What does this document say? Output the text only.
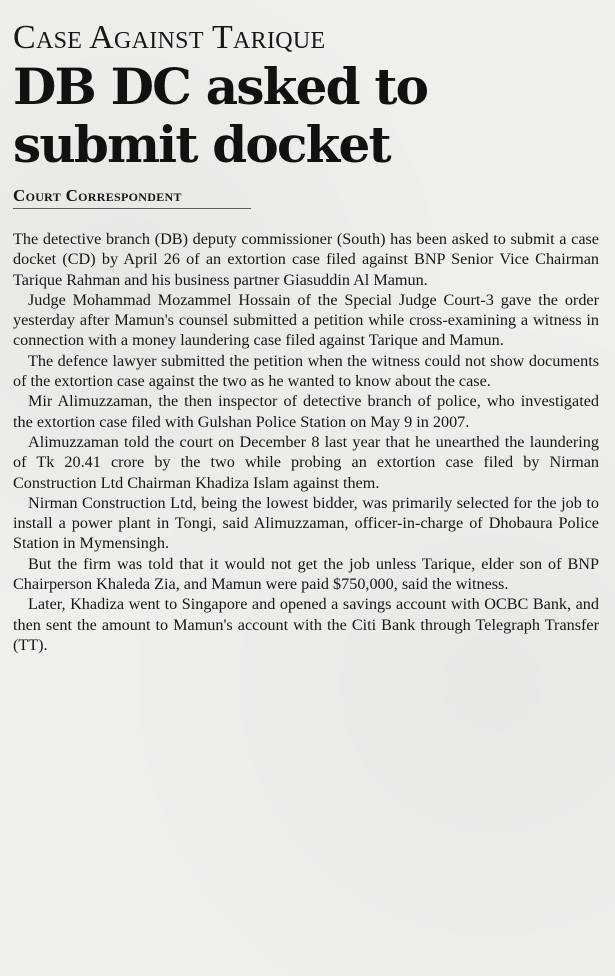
Case Against Tarique
DB DC asked to
submit docket
Court Correspondent

The detective branch (DB) deputy commissioner (South) has been asked to submit a case docket (CD) by April 26 of an extortion case filed against BNP Senior Vice Chairman Tarique Rahman and his business partner Giasuddin Al Mamun.

Judge Mohammad Mozammel Hossain of the Special Judge Court-3 gave the order yesterday after Mamun's counsel submitted a petition while cross-examining a witness in connection with a money laundering case filed against Tarique and Mamun.

The defence lawyer submitted the petition when the witness could not show documents of the extortion case against the two as he wanted to know about the case.

Mir Alimuzzaman, the then inspector of detective branch of police, who investigated the extortion case filed with Gulshan Police Station on May 9 in 2007.

Alimuzzaman told the court on December 8 last year that he unearthed the laundering of Tk 20.41 crore by the two while probing an extortion case filed by Nirman Construction Ltd Chairman Khadiza Islam against them.

Nirman Construction Ltd, being the lowest bidder, was primarily selected for the job to install a power plant in Tongi, said Alimuzzaman, officer-in-charge of Dhobaura Police Station in Mymensingh.

But the firm was told that it would not get the job unless Tarique, elder son of BNP Chairperson Khaleda Zia, and Mamun were paid $750,000, said the witness.

Later, Khadiza went to Singapore and opened a savings account with OCBC Bank, and then sent the amount to Mamun's account with the Citi Bank through Telegraph Transfer (TT).
